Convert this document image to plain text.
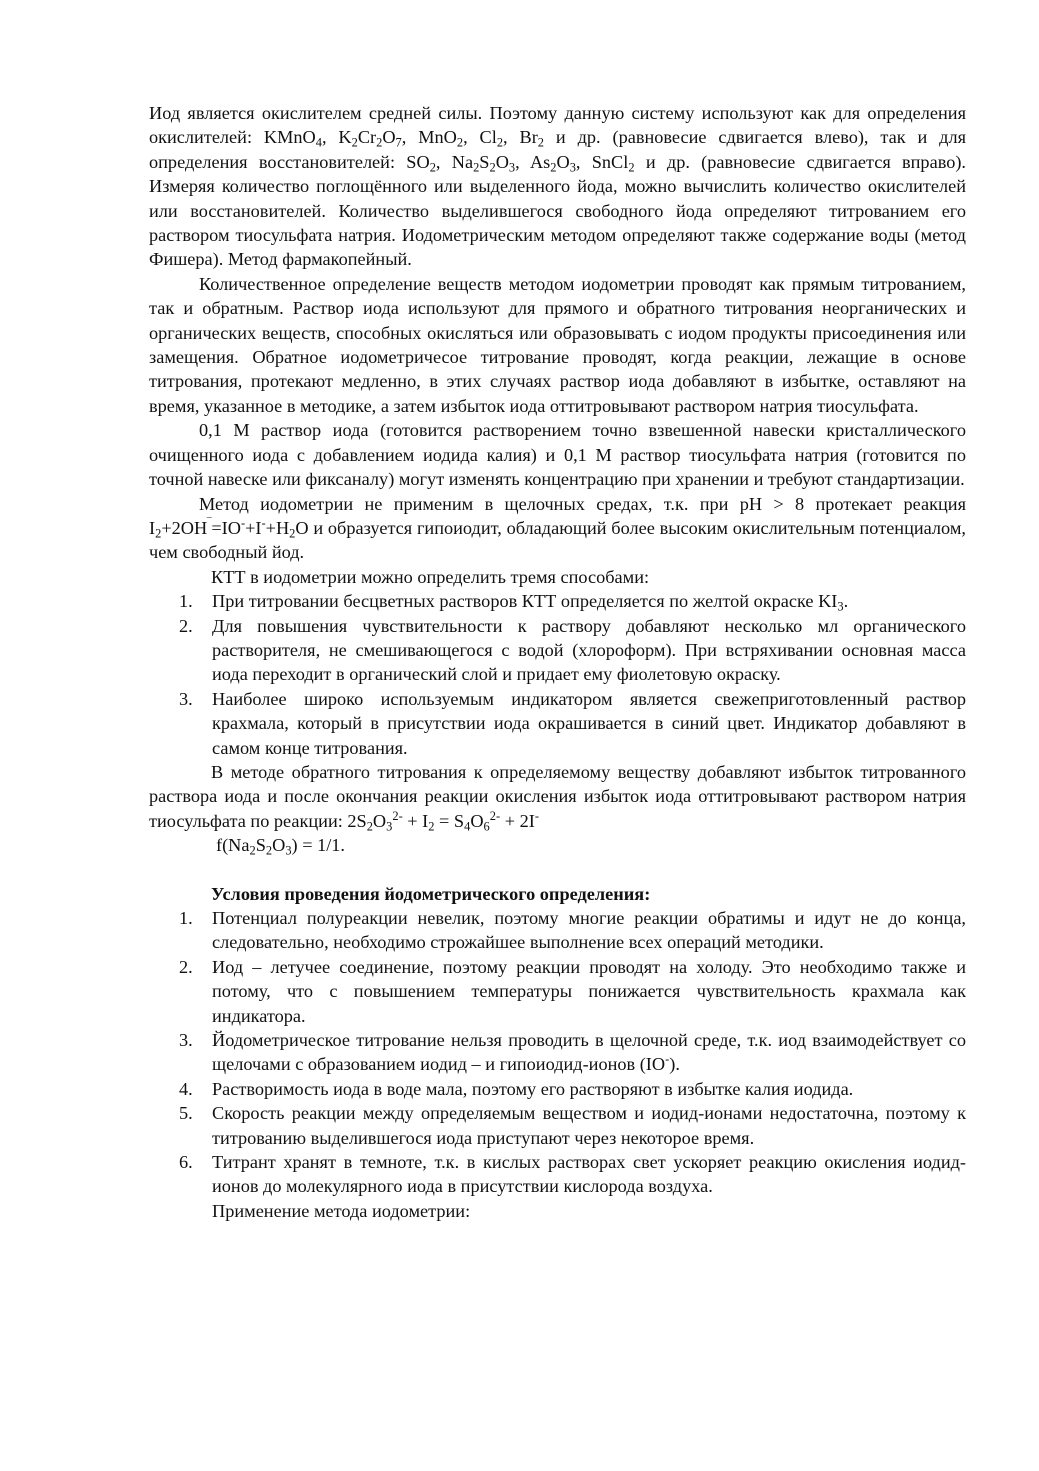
Иод является окислителем средней силы. Поэтому данную систему используют как для определения окислителей: KMnO$_4$, $K_2Cr_2O_7$, MnO$_2$, $Cl_2$, $Br_2$ и др. (равновесие сдвигается влево), так и для определения восстановителей: $SO_2$, $Na_2S_2O_3$, $As_2O_3$, SnCl$_2$ и др. (равновесие сдвигается вправо). Измеряя количество поглощённого или выделенного йода, можно вычислить количество окислителей или восстановителей. Количество выделившегося свободного йода определяют титрованием его раствором тиосульфата натрия. Иодометрическим методом определяют также содержание воды (метод Фишера). Метод фармакопейный.

Количественное определение веществ методом иодометрии проводят как прямым титрованием, так и обратным. Раствор иода используют для прямого и обратного титрования неорганических и органических веществ, способных окисляться или образовывать с иодом продукты присоединения или замещения. Обратное иодометричесое титрование проводят, когда реакции, лежащие в основе титрования, протекают медленно, в этих случаях раствор иода добавляют в избытке, оставляют на время, указанное в методике, а затем избыток иода оттитровывают раствором натрия тиосульфата.

0,1 М раствор иода (готовится растворением точно взвешенной навески кристаллического очищенного иода с добавлением иодида калия) и 0,1 М раствор тиосульфата натрия (готовится по точной навеске или фиксаналу) могут изменять концентрацию при хранении и требуют стандартизации.

Метод иодометрии не применим в щелочных средах, т.к. при pH > 8 протекает реакция $I_2+2OH^‾=IO^-+I^-+H_2O$ и образуется гипоиодит, обладающий более высоким окислительным потенциалом, чем свободный йод.

КТТ в иодометрии можно определить тремя способами:

1. При титровании бесцветных растворов КТТ определяется по желтой окраске $KI_3$.
2. Для повышения чувствительности к раствору добавляют несколько мл органического растворителя, не смешивающегося с водой (хлороформ). При встряхивании основная масса иода переходит в органический слой и придает ему фиолетовую окраску.
3. Наиболее широко используемым индикатором является свежеприготовленный раствор крахмала, который в присутствии иода окрашивается в синий цвет. Индикатор добавляют в самом конце титрования.

В методе обратного титрования к определяемому веществу добавляют избыток титрованного раствора иода и после окончания реакции окисления избыток иода оттитровывают раствором натрия тиосульфата по реакции: $2S_2O_3^{2-} + I_2 = S_4O_6^{2-} + 2I^-$

$f(Na_2S_2O_3) = 1/1$.

Условия проведения йодометрического определения:

1. Потенциал полуреакции невелик, поэтому многие реакции обратимы и идут не до конца, следовательно, необходимо строжайшее выполнение всех операций методики.
2. Иод – летучее соединение, поэтому реакции проводят на холоду. Это необходимо также и потому, что с повышением температуры понижается чувствительность крахмала как индикатора.
3. Йодометрическое титрование нельзя проводить в щелочной среде, т.к. иод взаимодействует со щелочами с образованием иодид – и гипоиодид-ионов (IO-).
4. Растворимость иода в воде мала, поэтому его растворяют в избытке калия иодида.
5. Скорость реакции между определяемым веществом и иодид-ионами недостаточна, поэтому к титрованию выделившегося иода приступают через некоторое время.
6. Титрант хранят в темноте, т.к. в кислых растворах свет ускоряет реакцию окисления иодид-ионов до молекулярного иода в присутствии кислорода воздуха.

Применение метода иодометрии:
